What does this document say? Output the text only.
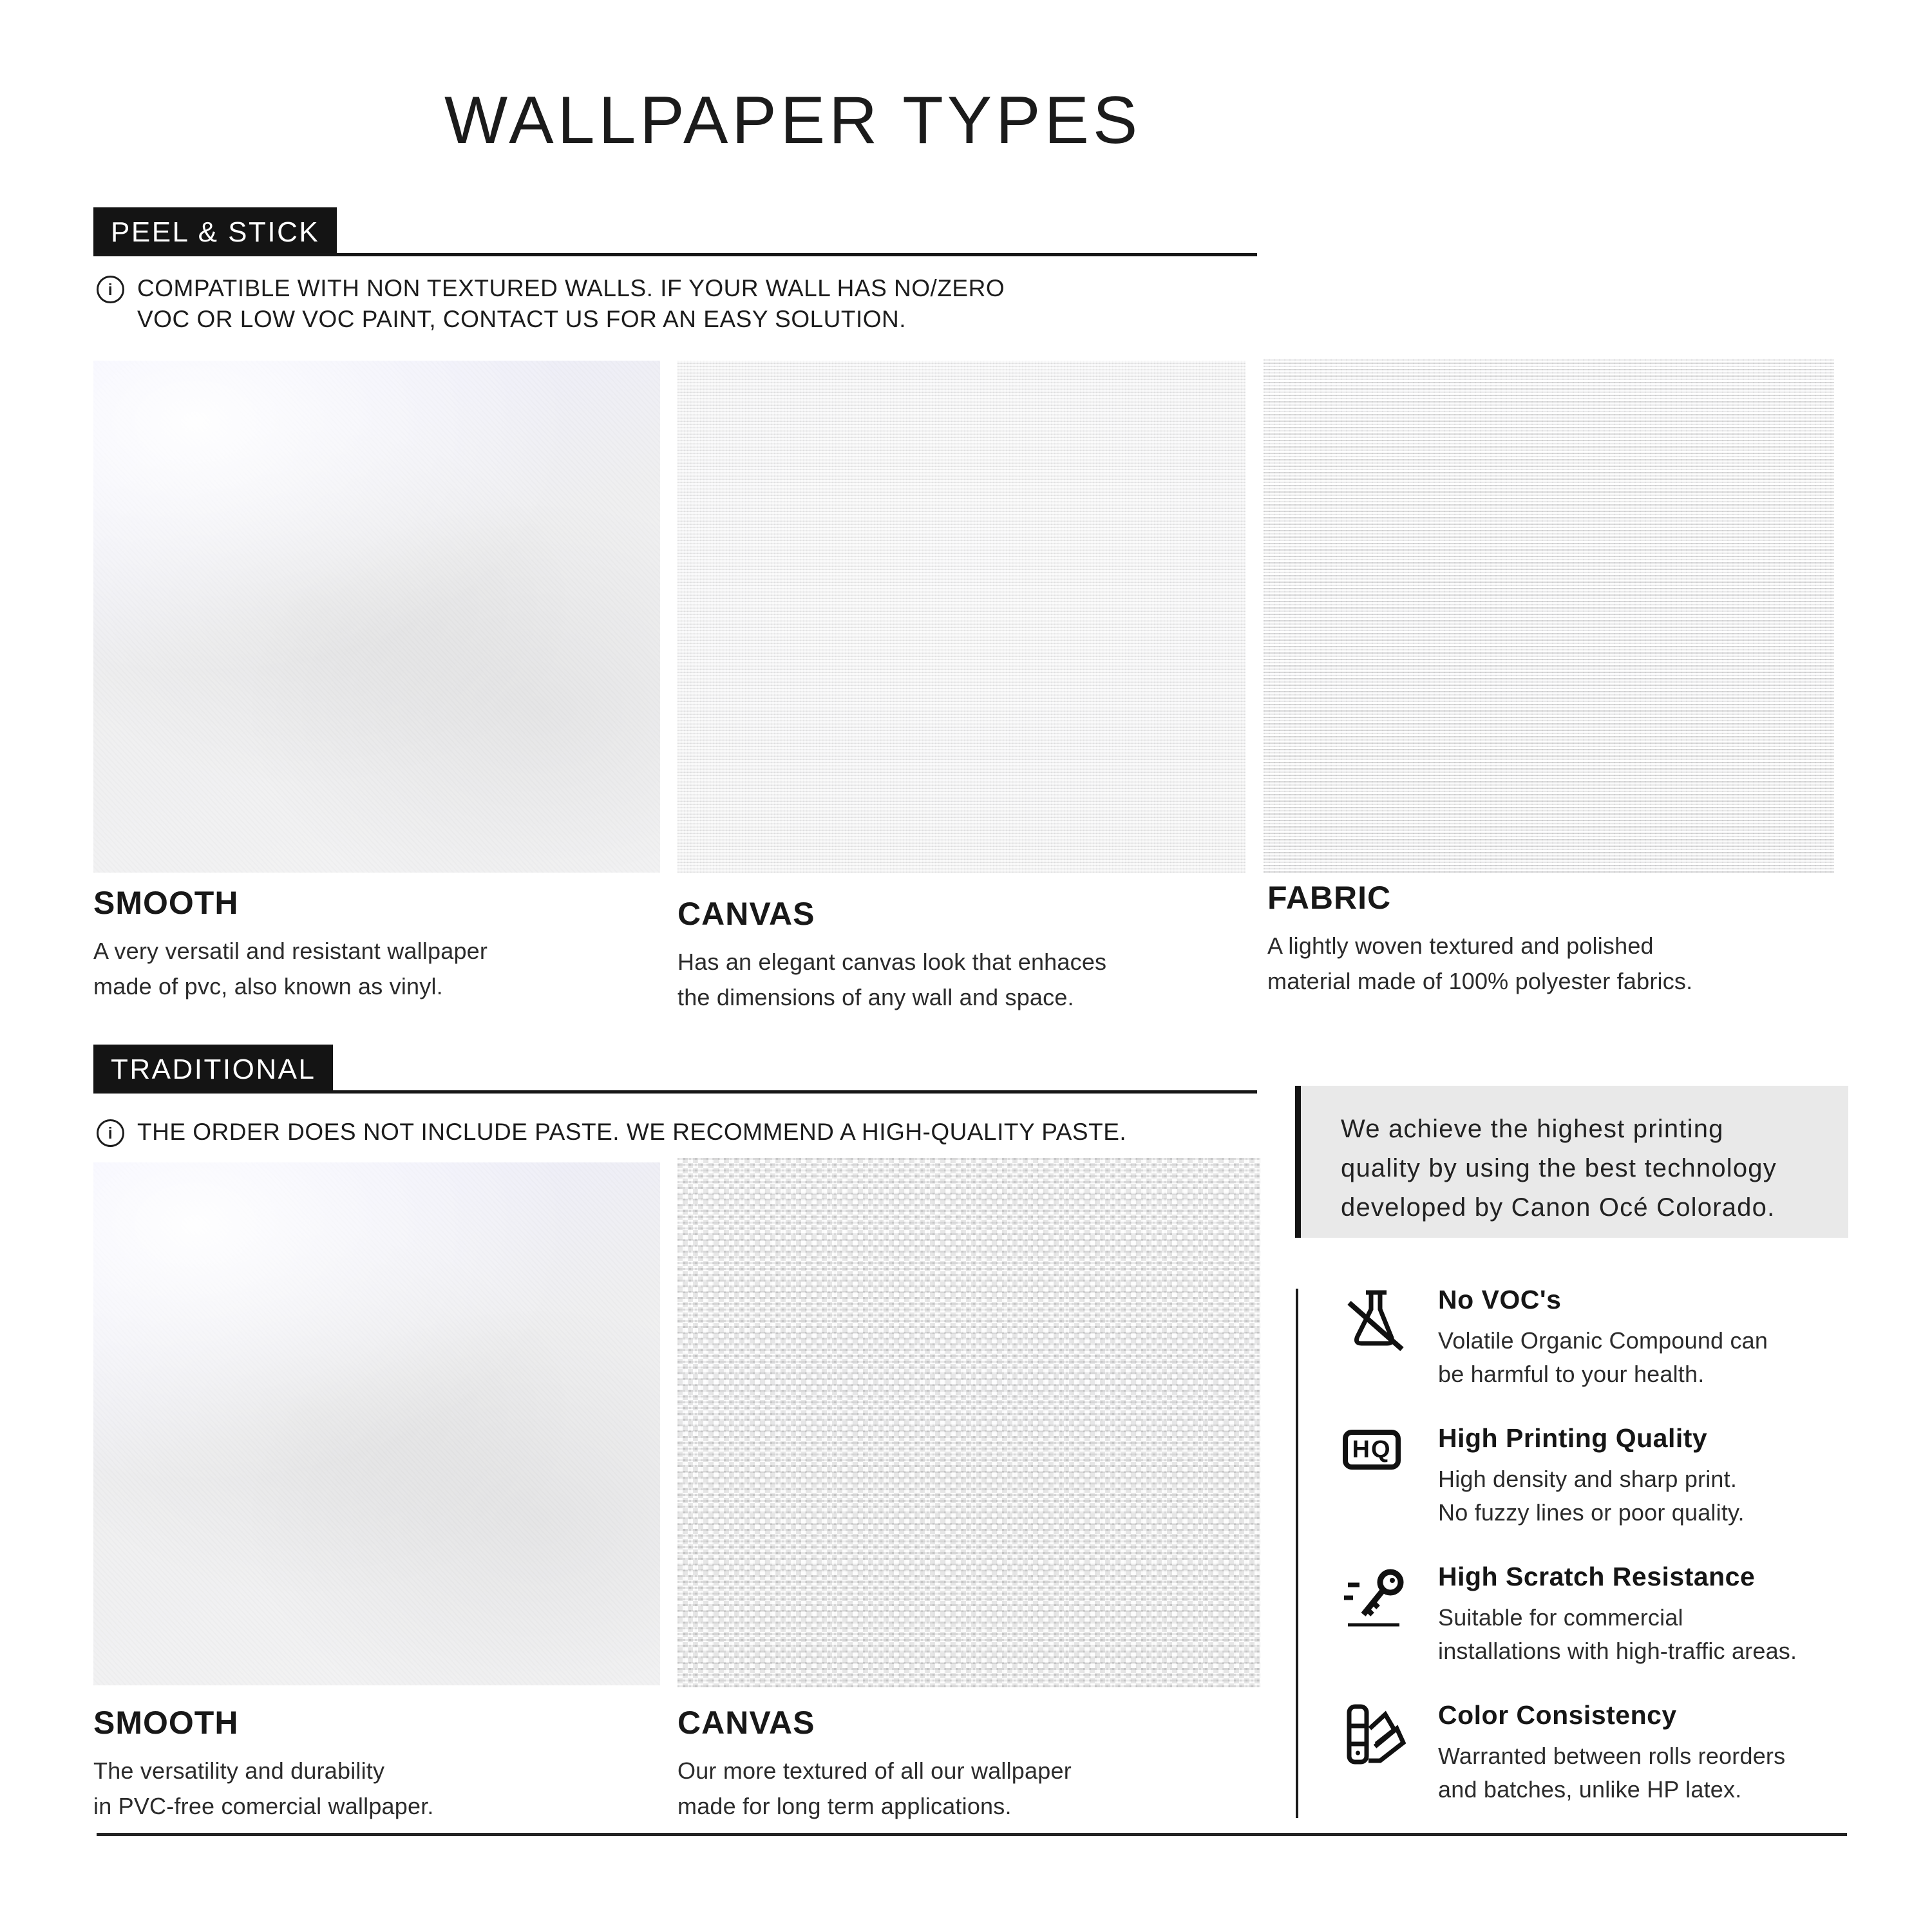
WALLPAPER TYPES
PEEL & STICK
i	COMPATIBLE WITH NON TEXTURED WALLS. IF YOUR WALL HAS NO/ZERO
VOC OR LOW VOC PAINT, CONTACT US FOR AN EASY SOLUTION.
SMOOTH
A very versatil and resistant wallpaper
made of pvc, also known as vinyl.
CANVAS
Has an elegant canvas look that enhaces
the dimensions of any wall and space.
FABRIC
A lightly woven textured and polished
material made of 100% polyester fabrics.
TRADITIONAL
i	THE ORDER DOES NOT INCLUDE PASTE. WE RECOMMEND A HIGH-QUALITY PASTE.	We achieve the highest printing
quality by using the best technology
developed by Canon Océ Colorado.
SMOOTH
The versatility and durability
in PVC-free comercial wallpaper.
CANVAS
Our more textured of all our wallpaper
made for long term applications.
No VOC's
Volatile Organic Compound can
be harmful to your health.
HQ	High Printing Quality
High density and sharp print.
No fuzzy lines or poor quality.
High Scratch Resistance
Suitable for commercial
installations with high-traffic areas.
Color Consistency
Warranted between rolls reorders
and batches, unlike HP latex.
